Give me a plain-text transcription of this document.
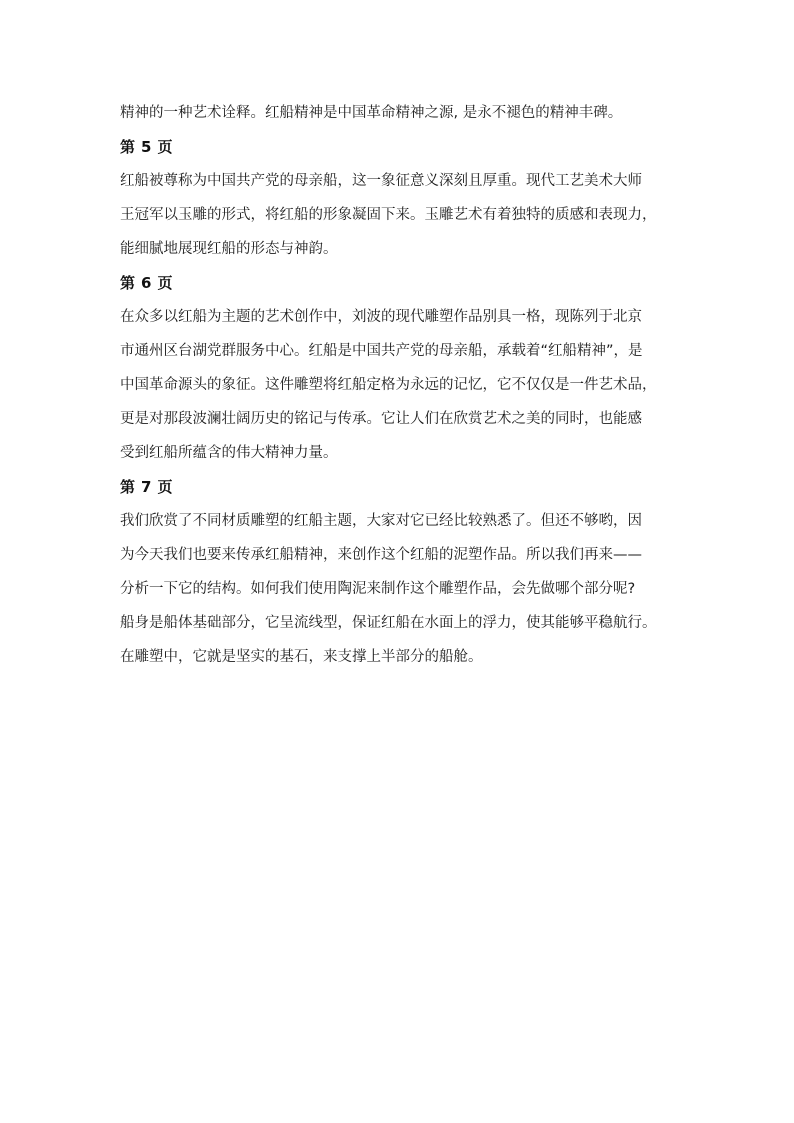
精神的一种艺术诠释。红船精神是中国革命精神之源, 是永不褪色的精神丰碑。
第 5 页
红船被尊称为中国共产党的母亲船，这一象征意义深刻且厚重。现代工艺美术大师
王冠军以玉雕的形式，将红船的形象凝固下来。玉雕艺术有着独特的质感和表现力，
能细腻地展现红船的形态与神韵。
第 6 页
在众多以红船为主题的艺术创作中，刘波的现代雕塑作品别具一格，现陈列于北京
市通州区台湖党群服务中心。红船是中国共产党的母亲船，承载着“红船精神”，是
中国革命源头的象征。这件雕塑将红船定格为永远的记忆，它不仅仅是一件艺术品，
更是对那段波澜壮阔历史的铭记与传承。它让人们在欣赏艺术之美的同时，也能感
受到红船所蕴含的伟大精神力量。
第 7 页
我们欣赏了不同材质雕塑的红船主题，大家对它已经比较熟悉了。但还不够哟，因
为今天我们也要来传承红船精神，来创作这个红船的泥塑作品。所以我们再来——
分析一下它的结构。如何我们使用陶泥来制作这个雕塑作品，会先做哪个部分呢?
船身是船体基础部分，它呈流线型，保证红船在水面上的浮力，使其能够平稳航行。
在雕塑中，它就是坚实的基石，来支撑上半部分的船舱。
